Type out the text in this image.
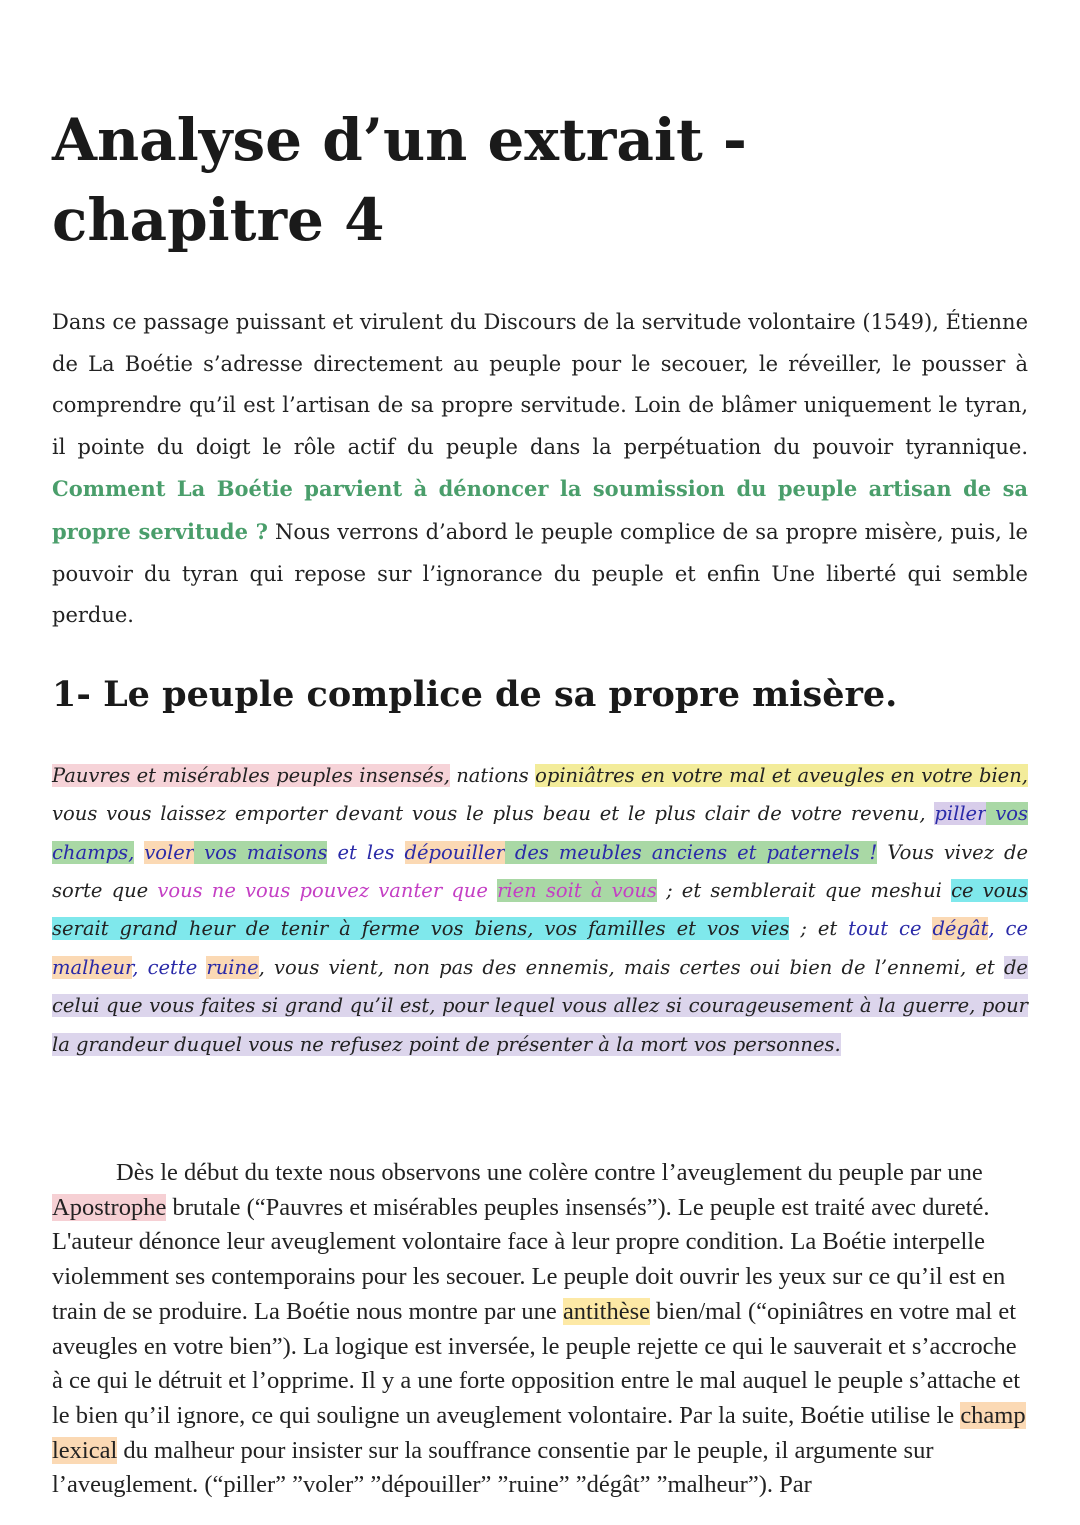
Analyse d’un extrait - chapitre 4

Dans ce passage puissant et virulent du Discours de la servitude volontaire (1549), Étienne de La Boétie s’adresse directement au peuple pour le secouer, le réveiller, le pousser à comprendre qu’il est l’artisan de sa propre servitude. Loin de blâmer uniquement le tyran, il pointe du doigt le rôle actif du peuple dans la perpétuation du pouvoir tyrannique. Comment La Boétie parvient à dénoncer la soumission du peuple artisan de sa propre servitude ? Nous verrons d’abord le peuple complice de sa propre misère, puis, le pouvoir du tyran qui repose sur l’ignorance du peuple et enfin Une liberté qui semble perdue.

1- Le peuple complice de sa propre misère.

Pauvres et misérables peuples insensés, nations opiniâtres en votre mal et aveugles en votre bien, vous vous laissez emporter devant vous le plus beau et le plus clair de votre revenu, piller vos champs, voler vos maisons et les dépouiller des meubles anciens et paternels ! Vous vivez de sorte que vous ne vous pouvez vanter que rien soit à vous ; et semblerait que meshui ce vous serait grand heur de tenir à ferme vos biens, vos familles et vos vies ; et tout ce dégât, ce malheur, cette ruine, vous vient, non pas des ennemis, mais certes oui bien de l’ennemi, et de celui que vous faites si grand qu’il est, pour lequel vous allez si courageusement à la guerre, pour la grandeur duquel vous ne refusez point de présenter à la mort vos personnes.

Dès le début du texte nous observons une colère contre l’aveuglement du peuple par une Apostrophe brutale (“Pauvres et misérables peuples insensés”). Le peuple est traité avec dureté. L'auteur dénonce leur aveuglement volontaire face à leur propre condition. La Boétie interpelle violemment ses contemporains pour les secouer. Le peuple doit ouvrir les yeux sur ce qu’il est en train de se produire. La Boétie nous montre par une antithèse bien/mal (“opiniâtres en votre mal et aveugles en votre bien”). La logique est inversée, le peuple rejette ce qui le sauverait et s’accroche à ce qui le détruit et l’opprime. Il y a une forte opposition entre le mal auquel le peuple s’attache et le bien qu’il ignore, ce qui souligne un aveuglement volontaire. Par la suite, Boétie utilise le champ lexical du malheur pour insister sur la souffrance consentie par le peuple, il argumente sur l’aveuglement. (“piller” ”voler” ”dépouiller” ”ruine” ”dégât” ”malheur”). Par
